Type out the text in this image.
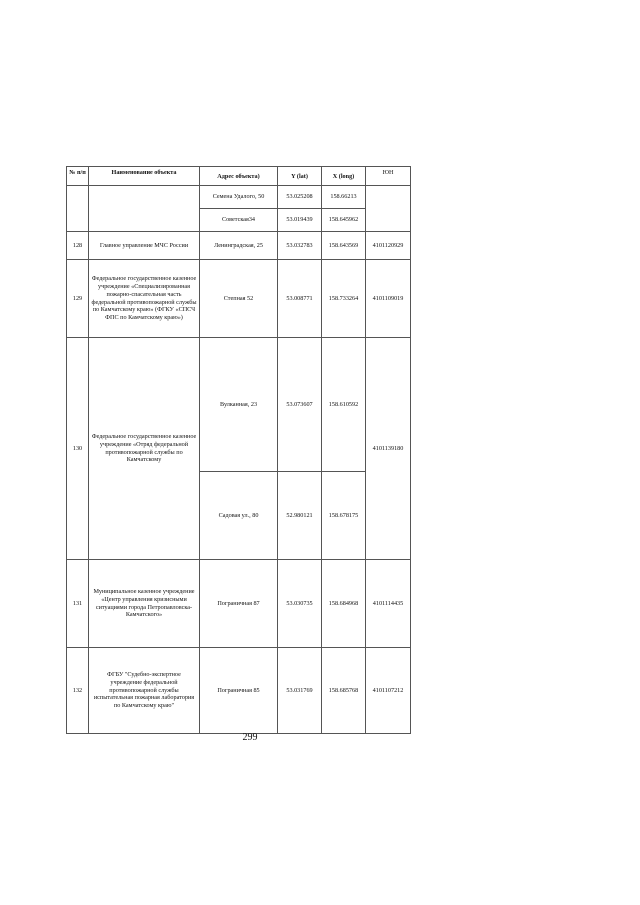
№ п/п	Наименование объекта	Адрес объекта)	Y (lat)	X (long)	ЮН
		Семена Удалого, 50	53.025208	158.66213	
		Советская34	53.019439	158.645962	
128	Главное управление МЧС России	Ленинградская, 25	53.032783	158.643569	4101120929
129	Федеральное государственное казенное учреждение «Специализированная пожарно-спасательная часть федеральной противопожарной службы по Камчатскому краю» (ФГКУ «СПСЧ ФПС по Камчатскому краю»)	Степная 52	53.008771	158.733264	4101109019
130	Федеральное государственное казенное учреждение «Отряд федеральной противопожарной службы по Камчатскому	Вулканная, 23	53.073607	158.610592	4101139180
		Садовая ул., 80	52.980121	158.678175	
131	Муниципальное казенное учреждение «Центр управления кризисными ситуациями города Петропавловска-Камчатского»	Пограничная 87	53.030735	158.684968	4101114435
132	ФГБУ "Судебно-экспертное учреждение федеральной противопожарной службы испытательная пожарная лаборатория по Камчатскому краю"	Пограничная 85	53.031769	158.685768	4101107212
299
